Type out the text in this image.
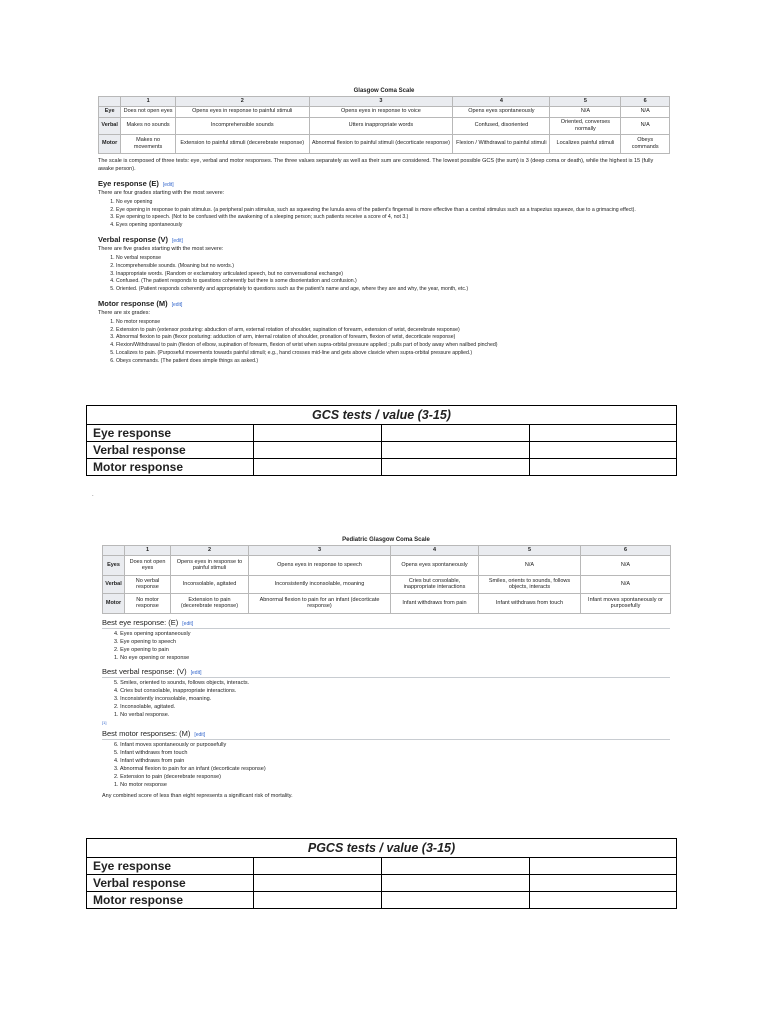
Glasgow Coma Scale
	1	2	3	4	5	6
Eye	Does not open eyes	Opens eyes in response to painful stimuli	Opens eyes in response to voice	Opens eyes spontaneously	N/A	N/A
Verbal	Makes no sounds	Incomprehensible sounds	Utters inappropriate words	Confused, disoriented	Oriented, converses normally	N/A
Motor	Makes no movements	Extension to painful stimuli (decerebrate response)	Abnormal flexion to painful stimuli (decorticate response)	Flexion / Withdrawal to painful stimuli	Localizes painful stimuli	Obeys commands
The scale is composed of three tests: eye, verbal and motor responses. The three values separately as well as their sum are considered. The lowest possible GCS (the sum) is 3 (deep coma or death), while the highest is 15 (fully awake person).
Eye response (E) [edit]
There are four grades starting with the most severe:
1. No eye opening
2. Eye opening in response to pain stimulus. (a peripheral pain stimulus, such as squeezing the lunula area of the patient's fingernail is more effective than a central stimulus such as a trapezius squeeze, due to a grimacing effect).
3. Eye opening to speech. (Not to be confused with the awakening of a sleeping person; such patients receive a score of 4, not 3.)
4. Eyes opening spontaneously
Verbal response (V) [edit]
There are five grades starting with the most severe:
1. No verbal response
2. Incomprehensible sounds. (Moaning but no words.)
3. Inappropriate words. (Random or exclamatory articulated speech, but no conversational exchange)
4. Confused. (The patient responds to questions coherently but there is some disorientation and confusion.)
5. Oriented. (Patient responds coherently and appropriately to questions such as the patient's name and age, where they are and why, the year, month, etc.)
Motor response (M) [edit]
There are six grades:
1. No motor response
2. Extension to pain (extensor posturing: abduction of arm, external rotation of shoulder, supination of forearm, extension of wrist, decerebrate response)
3. Abnormal flexion to pain (flexor posturing: adduction of arm, internal rotation of shoulder, pronation of forearm, flexion of wrist, decorticate response)
4. Flexion/Withdrawal to pain (flexion of elbow, supination of forearm, flexion of wrist when supra-orbital pressure applied ; pulls part of body away when nailbed pinched)
5. Localizes to pain. (Purposeful movements towards painful stimuli; e.g., hand crosses mid-line and gets above clavicle when supra-orbital pressure applied.)
6. Obeys commands. (The patient does simple things as asked.)
GCS tests / value (3-15)			
Eye response			
Verbal response			
Motor response			
.
Pediatric Glasgow Coma Scale
	1	2	3	4	5	6
Eyes	Does not open eyes	Opens eyes in response to painful stimuli	Opens eyes in response to speech	Opens eyes spontaneously	N/A	N/A
Verbal	No verbal response	Inconsolable, agitated	Inconsistently inconsolable, moaning	Cries but consolable, inappropriate interactions	Smiles, orients to sounds, follows objects, interacts	N/A
Motor	No motor response	Extension to pain (decerebrate response)	Abnormal flexion to pain for an infant (decorticate response)	Infant withdraws from pain	Infant withdraws from touch	Infant moves spontaneously or purposefully
Best eye response: (E) [edit]
4. Eyes opening spontaneously
3. Eye opening to speech
2. Eye opening to pain
1. No eye opening or response
Best verbal response: (V) [edit]
5. Smiles, oriented to sounds, follows objects, interacts.
4. Cries but consolable, inappropriate interactions.
3. Inconsistently inconsolable, moaning.
2. Inconsolable, agitated.
1. No verbal response.
[1]
Best motor responses: (M) [edit]
6. Infant moves spontaneously or purposefully
5. Infant withdraws from touch
4. Infant withdraws from pain
3. Abnormal flexion to pain for an infant (decorticate response)
2. Extension to pain (decerebrate response)
1. No motor response
Any combined score of less than eight represents a significant risk of mortality.
PGCS tests / value (3-15)			
Eye response			
Verbal response			
Motor response			
